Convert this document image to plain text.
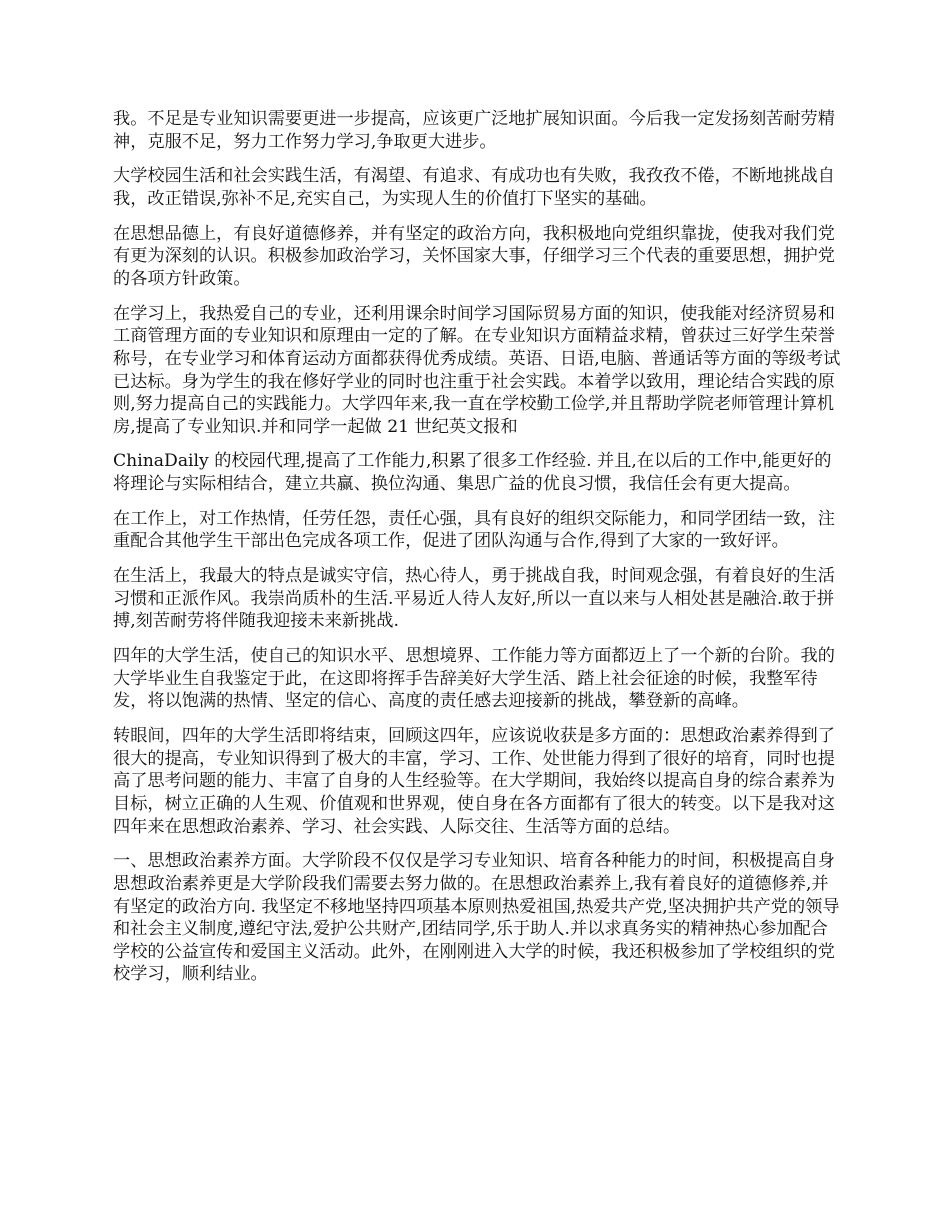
我。不足是专业知识需要更进一步提高，应该更广泛地扩展知识面。今后我一定发扬刻苦耐劳精神，克服不足，努力工作努力学习,争取更大进步。

大学校园生活和社会实践生活，有渴望、有追求、有成功也有失败，我孜孜不倦，不断地挑战自我，改正错误,弥补不足,充实自己，为实现人生的价值打下坚实的基础。

在思想品德上，有良好道德修养，并有坚定的政治方向，我积极地向党组织靠拢，使我对我们党有更为深刻的认识。积极参加政治学习，关怀国家大事，仔细学习三个代表的重要思想，拥护党的各项方针政策。

在学习上，我热爱自己的专业，还利用课余时间学习国际贸易方面的知识，使我能对经济贸易和工商管理方面的专业知识和原理由一定的了解。在专业知识方面精益求精，曾获过三好学生荣誉称号，在专业学习和体育运动方面都获得优秀成绩。英语、日语,电脑、普通话等方面的等级考试已达标。身为学生的我在修好学业的同时也注重于社会实践。本着学以致用，理论结合实践的原则,努力提高自己的实践能力。大学四年来,我一直在学校勤工俭学,并且帮助学院老师管理计算机房,提高了专业知识.并和同学一起做 21 世纪英文报和

ChinaDaily 的校园代理,提高了工作能力,积累了很多工作经验. 并且,在以后的工作中,能更好的将理论与实际相结合，建立共赢、换位沟通、集思广益的优良习惯，我信任会有更大提高。

在工作上，对工作热情，任劳任怨，责任心强，具有良好的组织交际能力，和同学团结一致，注重配合其他学生干部出色完成各项工作，促进了团队沟通与合作,得到了大家的一致好评。

在生活上，我最大的特点是诚实守信，热心待人，勇于挑战自我，时间观念强，有着良好的生活习惯和正派作风。我崇尚质朴的生活.平易近人待人友好,所以一直以来与人相处甚是融洽.敢于拼搏,刻苦耐劳将伴随我迎接未来新挑战.

四年的大学生活，使自己的知识水平、思想境界、工作能力等方面都迈上了一个新的台阶。我的大学毕业生自我鉴定于此，在这即将挥手告辞美好大学生活、踏上社会征途的时候，我整军待发，将以饱满的热情、坚定的信心、高度的责任感去迎接新的挑战，攀登新的高峰。

转眼间，四年的大学生活即将结束，回顾这四年，应该说收获是多方面的：思想政治素养得到了很大的提高，专业知识得到了极大的丰富，学习、工作、处世能力得到了很好的培育，同时也提高了思考问题的能力、丰富了自身的人生经验等。在大学期间，我始终以提高自身的综合素养为目标，树立正确的人生观、价值观和世界观，使自身在各方面都有了很大的转变。以下是我对这四年来在思想政治素养、学习、社会实践、人际交往、生活等方面的总结。

一、思想政治素养方面。大学阶段不仅仅是学习专业知识、培育各种能力的时间，积极提高自身思想政治素养更是大学阶段我们需要去努力做的。在思想政治素养上,我有着良好的道德修养,并有坚定的政治方向. 我坚定不移地坚持四项基本原则热爱祖国,热爱共产党,坚决拥护共产党的领导和社会主义制度,遵纪守法,爱护公共财产,团结同学,乐于助人.并以求真务实的精神热心参加配合学校的公益宣传和爱国主义活动。此外，在刚刚进入大学的时候，我还积极参加了学校组织的党校学习，顺利结业。
